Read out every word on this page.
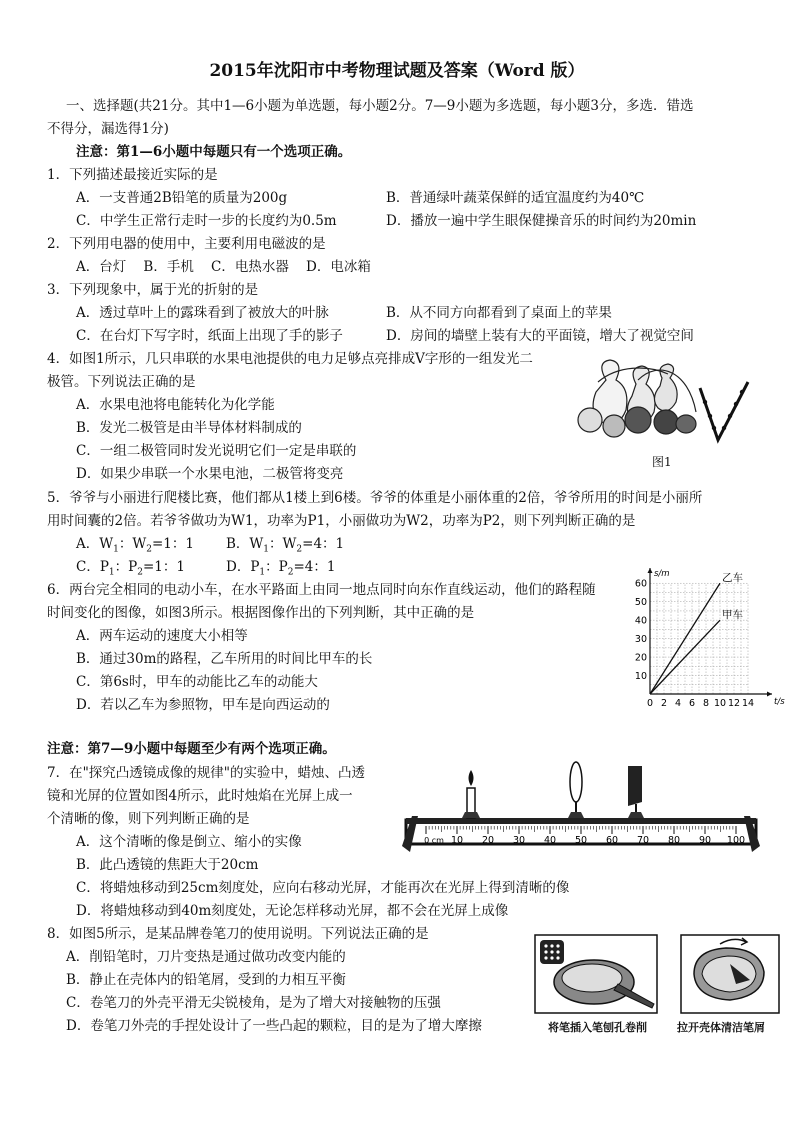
2015年沈阳市中考物理试题及答案（Word 版）
一、选择题(共21分。其中1—6小题为单选题，每小题2分。7—9小题为多选题，每小题3分，多选．错选
不得分，漏选得1分)
注意：第1—6小题中每题只有一个选项正确。
1．下列描述最接近实际的是
A．一支普通2B铅笔的质量为200g	B．普通绿叶蔬菜保鲜的适宜温度约为40℃
C．中学生正常行走时一步的长度约为0.5m	D．播放一遍中学生眼保健操音乐的时间约为20min
2．下列用电器的使用中，主要利用电磁波的是
A．台灯    B．手机    C．电热水器    D．电冰箱
3．下列现象中，属于光的折射的是
A．透过草叶上的露珠看到了被放大的叶脉	B．从不同方向都看到了桌面上的苹果
C．在台灯下写字时，纸面上出现了手的影子	D．房间的墙壁上装有大的平面镜，增大了视觉空间
4．如图1所示，几只串联的水果电池提供的电力足够点亮排成V字形的一组发光二
极管。下列说法正确的是
A．水果电池将电能转化为化学能
B．发光二极管是由半导体材料制成的
C．一组二极管同时发光说明它们一定是串联的
D．如果少串联一个水果电池，二极管将变亮
图1
5．爷爷与小丽进行爬楼比赛，他们都从1楼上到6楼。爷爷的体重是小丽体重的2倍，爷爷所用的时间是小丽所
用时间囊的2倍。若爷爷做功为W1，功率为P1，小丽做功为W2，功率为P2，则下列判断正确的是
A．$W_1$：$W_2=1$：1 B．$W_1$：$W_2=4$：1
C．$P_1$：$P_2=1$：1	D．$P_1$：$P_2=4$：1
6．两台完全相同的电动小车，在水平路面上由同一地点同时向东作直线运动，他们的路程随
时间变化的图像，如图3所示。根据图像作出的下列判断，其中正确的是
A．两车运动的速度大小相等
B．通过30m的路程，乙车所用的时间比甲车的长
C．第6s时，甲车的动能比乙车的动能大
D．若以乙车为参照物，甲车是向西运动的	0 2 4 6 8 10 12 14
10
20
30
40
50
60
t/s
s/m	乙车
甲车
注意：第7—9小题中每题至少有两个选项正确。
7．在"探究凸透镜成像的规律"的实验中，蜡烛、凸透
镜和光屏的位置如图4所示，此时烛焰在光屏上成一
个清晰的像，则下列判断正确的是
A．这个清晰的像是倒立、缩小的实像
B．此凸透镜的焦距大于20cm
C．将蜡烛移动到25cm刻度处，应向右移动光屏，才能再次在光屏上得到清晰的像
D．将蜡烛移动到40m刻度处，无论怎样移动光屏，都不会在光屏上成像
0 cm 10 20 30 40 50 60 70 80 90 100
8．如图5所示，是某品牌卷笔刀的使用说明。下列说法正确的是
A．削铅笔时，刀片变热是通过做功改变内能的
B．静止在壳体内的铅笔屑，受到的力相互平衡
C．卷笔刀的外壳平滑无尖锐棱角，是为了增大对接触物的压强
D．卷笔刀外壳的手捏处设计了一些凸起的颗粒，目的是为了增大摩擦	将笔插入笔刨孔卷削	拉开壳体清洁笔屑
